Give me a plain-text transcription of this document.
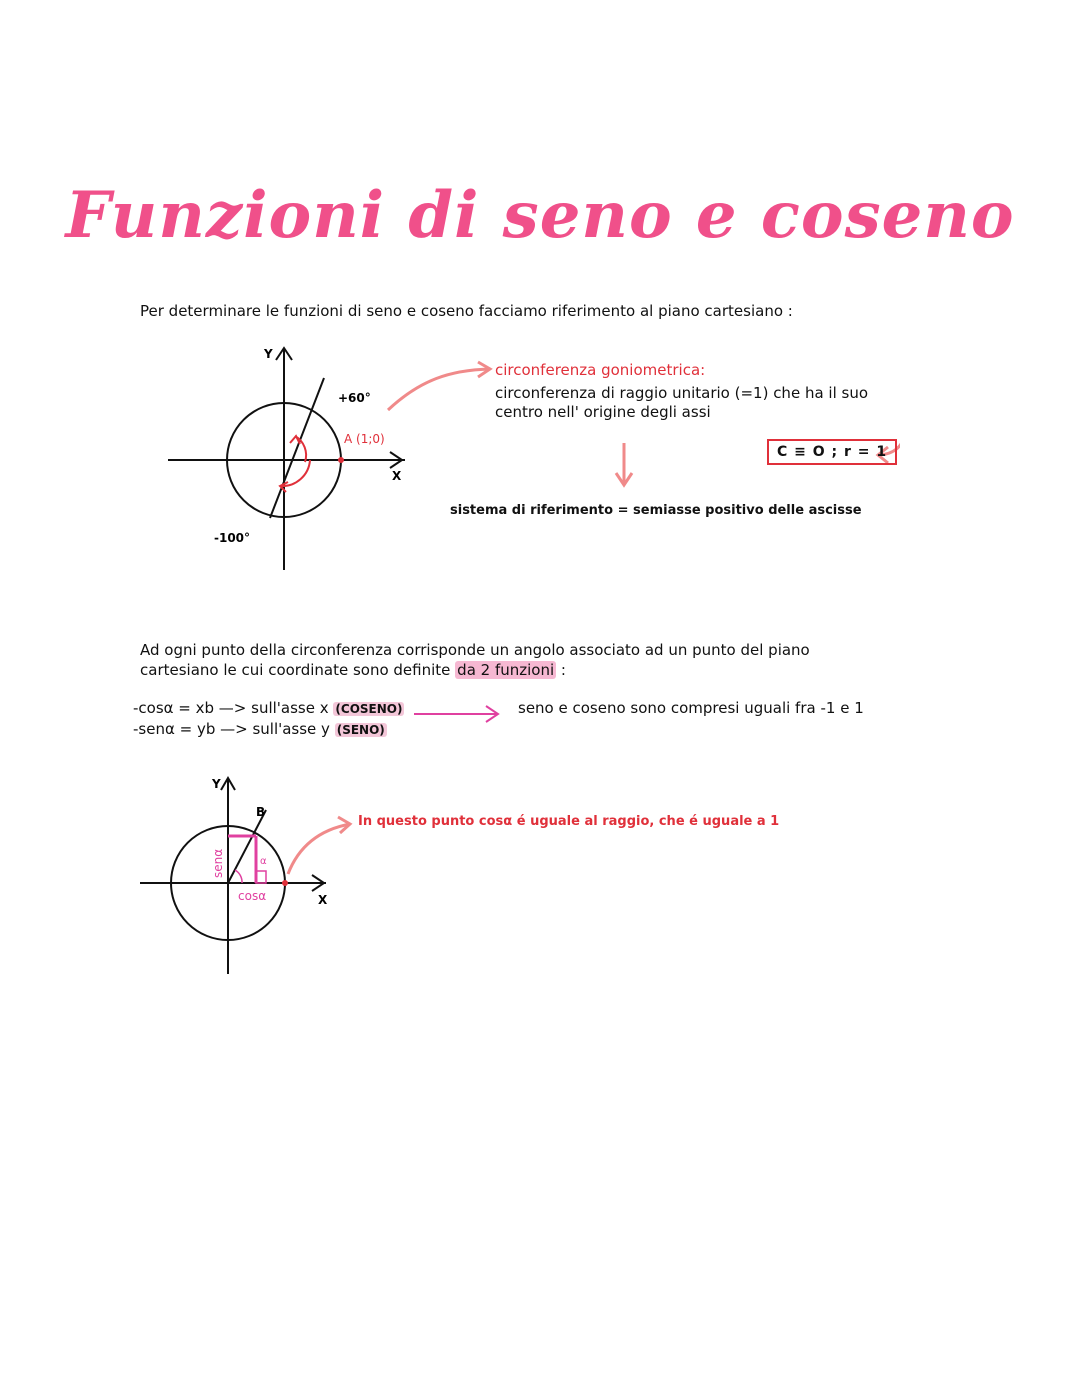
Funzioni di seno e coseno
Per determinare le funzioni di seno e coseno facciamo riferimento al piano cartesiano :
Y
X
+60°
-100°
A (1;0)
circonferenza goniometrica:
circonferenza di raggio unitario (=1) che ha il suo
centro nell' origine degli assi
C ≡ O ; r = 1
sistema di riferimento = semiasse positivo delle ascisse
Ad ogni punto della circonferenza corrisponde un angolo associato ad un punto del piano
cartesiano le cui coordinate sono definite da 2 funzioni :
-cosα = xb —> sull'asse x (COSENO)
-senα = yb —> sull'asse y (SENO)
seno e coseno sono compresi uguali fra -1 e 1
Y
X
B
cosα
α
senα
In questo punto cosα é uguale al raggio, che é uguale a 1
